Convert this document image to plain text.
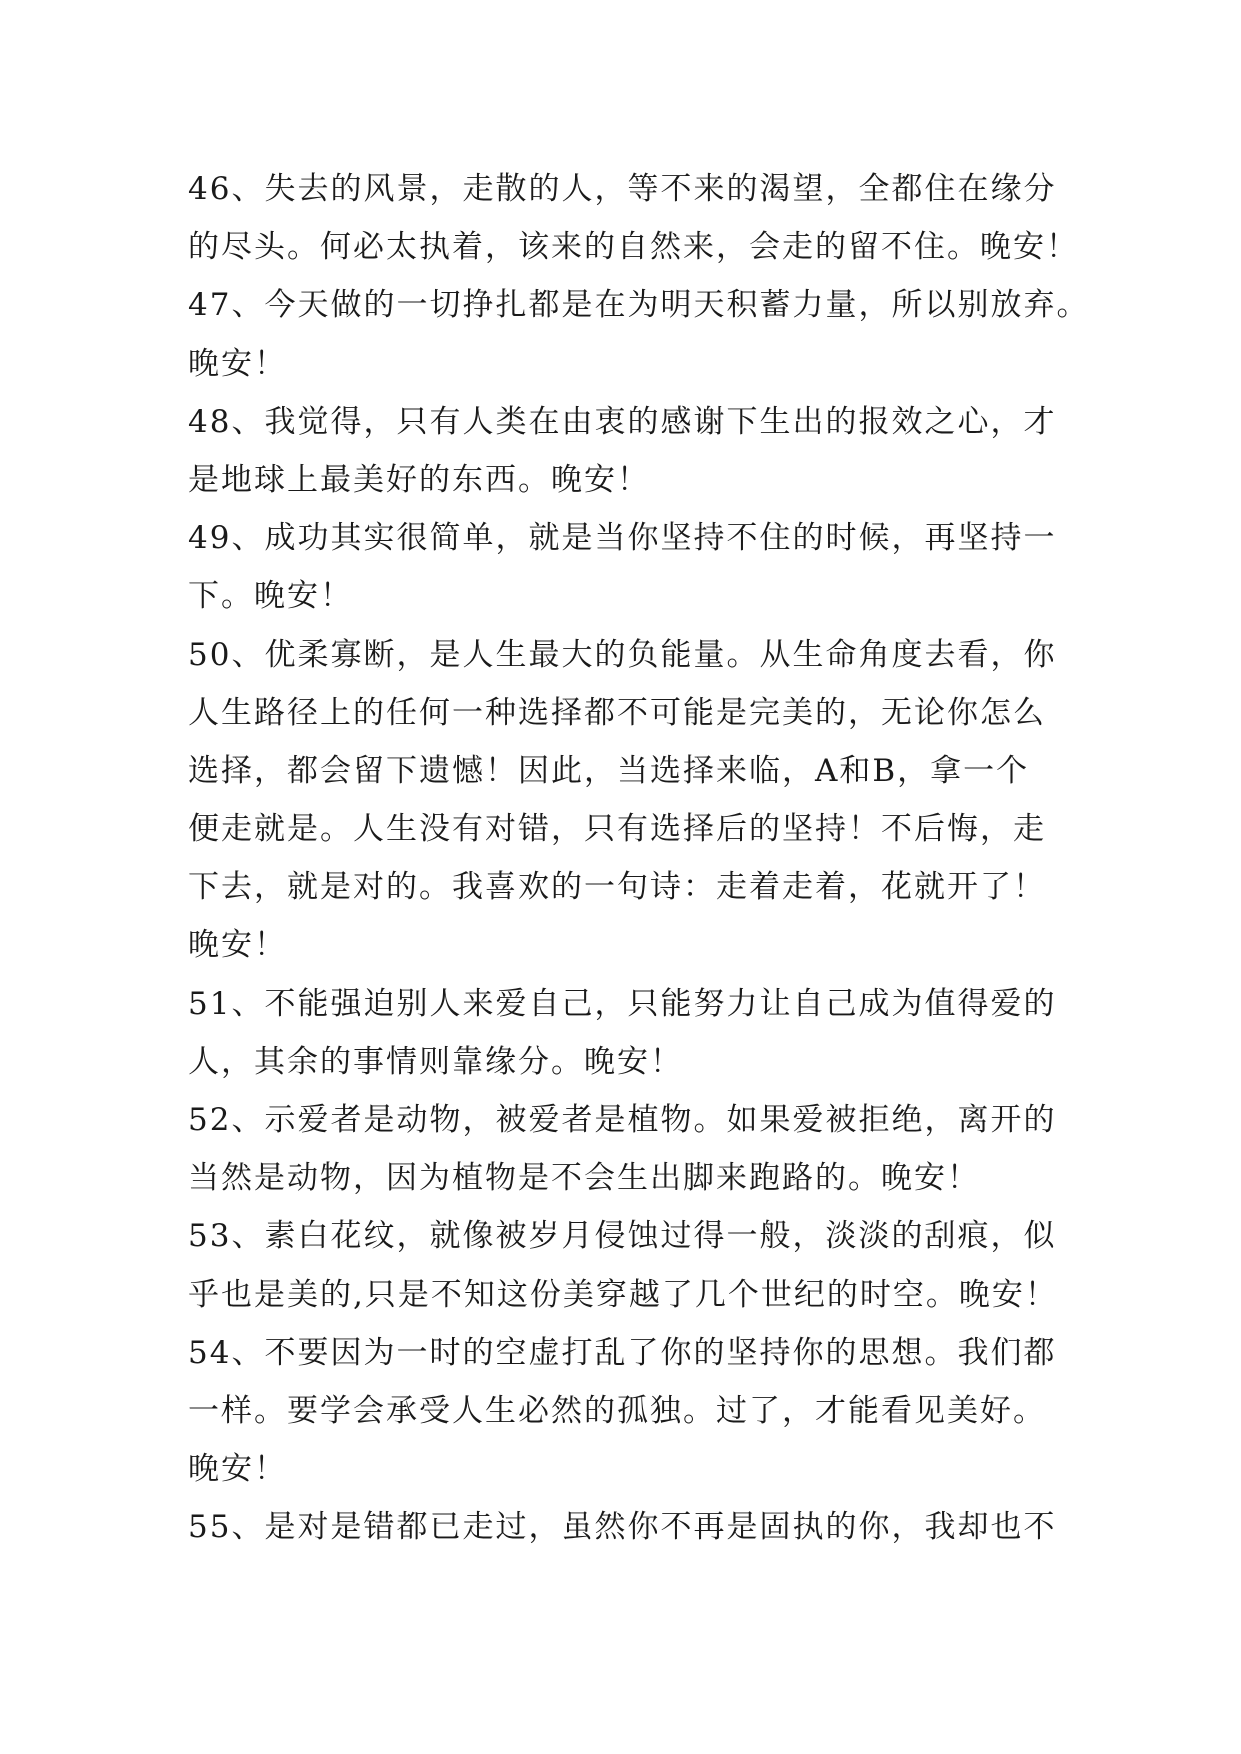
46、失去的风景，走散的人，等不来的渴望，全都住在缘分
的尽头。何必太执着，该来的自然来，会走的留不住。晚安！
47、今天做的一切挣扎都是在为明天积蓄力量，所以别放弃。
晚安！
48、我觉得，只有人类在由衷的感谢下生出的报效之心，才
是地球上最美好的东西。晚安！
49、成功其实很简单，就是当你坚持不住的时候，再坚持一
下。晚安！
50、优柔寡断，是人生最大的负能量。从生命角度去看，你
人生路径上的任何一种选择都不可能是完美的，无论你怎么
选择，都会留下遗憾！因此，当选择来临，A和B，拿一个
便走就是。人生没有对错，只有选择后的坚持！不后悔，走
下去，就是对的。我喜欢的一句诗：走着走着，花就开了！
晚安！
51、不能强迫别人来爱自己，只能努力让自己成为值得爱的
人，其余的事情则靠缘分。晚安！
52、示爱者是动物，被爱者是植物。如果爱被拒绝，离开的
当然是动物，因为植物是不会生出脚来跑路的。晚安！
53、素白花纹，就像被岁月侵蚀过得一般，淡淡的刮痕，似
乎也是美的,只是不知这份美穿越了几个世纪的时空。晚安！
54、不要因为一时的空虚打乱了你的坚持你的思想。我们都
一样。要学会承受人生必然的孤独。过了，才能看见美好。
晚安！
55、是对是错都已走过，虽然你不再是固执的你，我却也不
